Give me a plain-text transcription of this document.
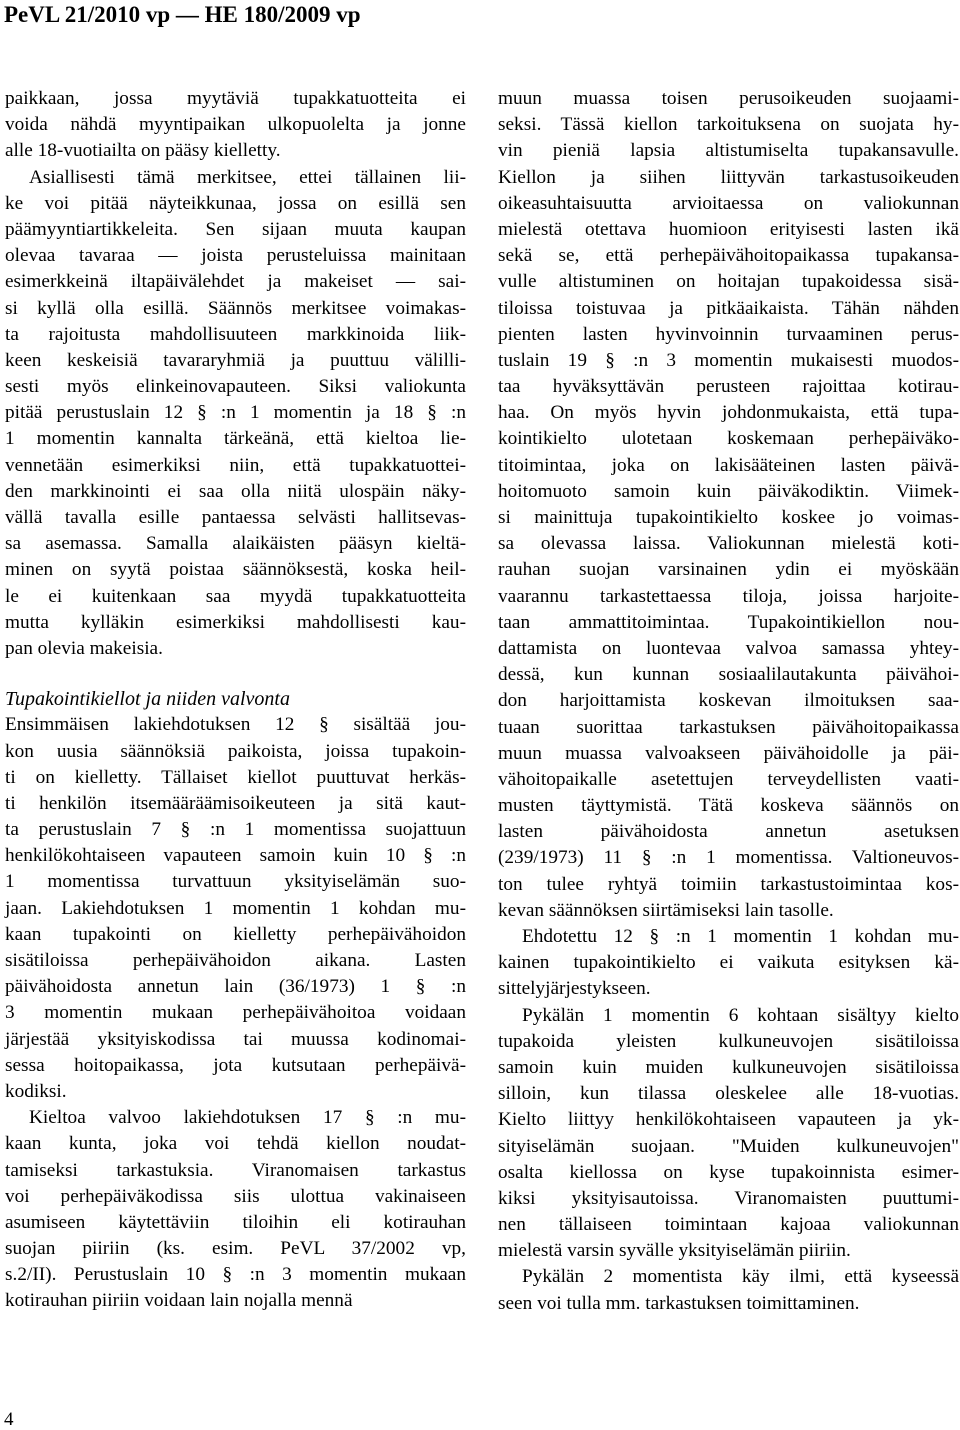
PeVL 21/2010 vp — HE 180/2009 vp
paikkaan, jossa myytäviä tupakkatuotteita ei
voida nähdä myyntipaikan ulkopuolelta ja jonne
alle 18-vuotiailta on pääsy kielletty.
Asiallisesti tämä merkitsee, ettei tällainen lii-
ke voi pitää näyteikkunaa, jossa on esillä sen
päämyyntiartikkeleita. Sen sijaan muuta kaupan
olevaa tavaraa — joista perusteluissa mainitaan
esimerkkeinä iltapäivälehdet ja makeiset — sai-
si kyllä olla esillä. Säännös merkitsee voimakas-
ta rajoitusta mahdollisuuteen markkinoida liik-
keen keskeisiä tavararyhmiä ja puuttuu välilli-
sesti myös elinkeinovapauteen. Siksi valiokunta
pitää perustuslain 12 § :n 1 momentin ja 18 § :n
1 momentin kannalta tärkeänä, että kieltoa lie-
vennetään esimerkiksi niin, että tupakkatuottei-
den markkinointi ei saa olla niitä ulospäin näky-
vällä tavalla esille pantaessa selvästi hallitsevas-
sa asemassa. Samalla alaikäisten pääsyn kieltä-
minen on syytä poistaa säännöksestä, koska heil-
le ei kuitenkaan saa myydä tupakkatuotteita
mutta kylläkin esimerkiksi mahdollisesti kau-
pan olevia makeisia.
Tupakointikiellot ja niiden valvonta
Ensimmäisen lakiehdotuksen 12 § sisältää jou-
kon uusia säännöksiä paikoista, joissa tupakoin-
ti on kielletty. Tällaiset kiellot puuttuvat herkäs-
ti henkilön itsemääräämisoikeuteen ja sitä kaut-
ta perustuslain 7 § :n 1 momentissa suojattuun
henkilökohtaiseen vapauteen samoin kuin 10 § :n
1 momentissa turvattuun yksityiselämän suo-
jaan. Lakiehdotuksen 1 momentin 1 kohdan mu-
kaan tupakointi on kielletty perhepäivähoidon
sisätiloissa perhepäivähoidon aikana. Lasten
päivähoidosta annetun lain (36/1973) 1 § :n
3 momentin mukaan perhepäivähoitoa voidaan
järjestää yksityiskodissa tai muussa kodinomai-
sessa hoitopaikassa, jota kutsutaan perhepäivä-
kodiksi.
Kieltoa valvoo lakiehdotuksen 17 § :n mu-
kaan kunta, joka voi tehdä kiellon noudat-
tamiseksi tarkastuksia. Viranomaisen tarkastus
voi perhepäiväkodissa siis ulottua vakinaiseen
asumiseen käytettäviin tiloihin eli kotirauhan
suojan piiriin (ks. esim. PeVL 37/2002 vp,
s.2/II). Perustuslain 10 § :n 3 momentin mukaan
kotirauhan piiriin voidaan lain nojalla mennä
muun muassa toisen perusoikeuden suojaami-
seksi. Tässä kiellon tarkoituksena on suojata hy-
vin pieniä lapsia altistumiselta tupakansavulle.
Kiellon ja siihen liittyvän tarkastusoikeuden
oikeasuhtaisuutta arvioitaessa on valiokunnan
mielestä otettava huomioon erityisesti lasten ikä
sekä se, että perhepäivähoitopaikassa tupakansa-
vulle altistuminen on hoitajan tupakoidessa sisä-
tiloissa toistuvaa ja pitkäaikaista. Tähän nähden
pienten lasten hyvinvoinnin turvaaminen perus-
tuslain 19 § :n 3 momentin mukaisesti muodos-
taa hyväksyttävän perusteen rajoittaa kotirau-
haa. On myös hyvin johdonmukaista, että tupa-
kointikielto ulotetaan koskemaan perhepäiväko-
titoimintaa, joka on lakisääteinen lasten päivä-
hoitomuoto samoin kuin päiväkodiktin. Viimek-
si mainittuja tupakointikielto koskee jo voimas-
sa olevassa laissa. Valiokunnan mielestä koti-
rauhan suojan varsinainen ydin ei myöskään
vaarannu tarkastettaessa tiloja, joissa harjoite-
taan ammattitoimintaa. Tupakointikiellon nou-
dattamista on luontevaa valvoa samassa yhtey-
dessä, kun kunnan sosiaalilautakunta päivähoi-
don harjoittamista koskevan ilmoituksen saa-
tuaan suorittaa tarkastuksen päivähoitopaikassa
muun muassa valvoakseen päivähoidolle ja päi-
vähoitopaikalle asetettujen terveydellisten vaati-
musten täyttymistä. Tätä koskeva säännös on
lasten päivähoidosta annetun asetuksen
(239/1973) 11 § :n 1 momentissa. Valtioneuvos-
ton tulee ryhtyä toimiin tarkastustoimintaa kos-
kevan säännöksen siirtämiseksi lain tasolle.
Ehdotettu 12 § :n 1 momentin 1 kohdan mu-
kainen tupakointikielto ei vaikuta esityksen kä-
sittelyjärjestykseen.
Pykälän 1 momentin 6 kohtaan sisältyy kielto
tupakoida yleisten kulkuneuvojen sisätiloissa
samoin kuin muiden kulkuneuvojen sisätiloissa
silloin, kun tilassa oleskelee alle 18-vuotias.
Kielto liittyy henkilökohtaiseen vapauteen ja yk-
sityiselämän suojaan. "Muiden kulkuneuvojen"
osalta kiellossa on kyse tupakoinnista esimer-
kiksi yksityisautoissa. Viranomaisten puuttumi-
nen tällaiseen toimintaan kajoaa valiokunnan
mielestä varsin syvälle yksityiselämän piiriin.
Pykälän 2 momentista käy ilmi, että kyseessä
seen voi tulla mm. tarkastuksen toimittaminen.
4
